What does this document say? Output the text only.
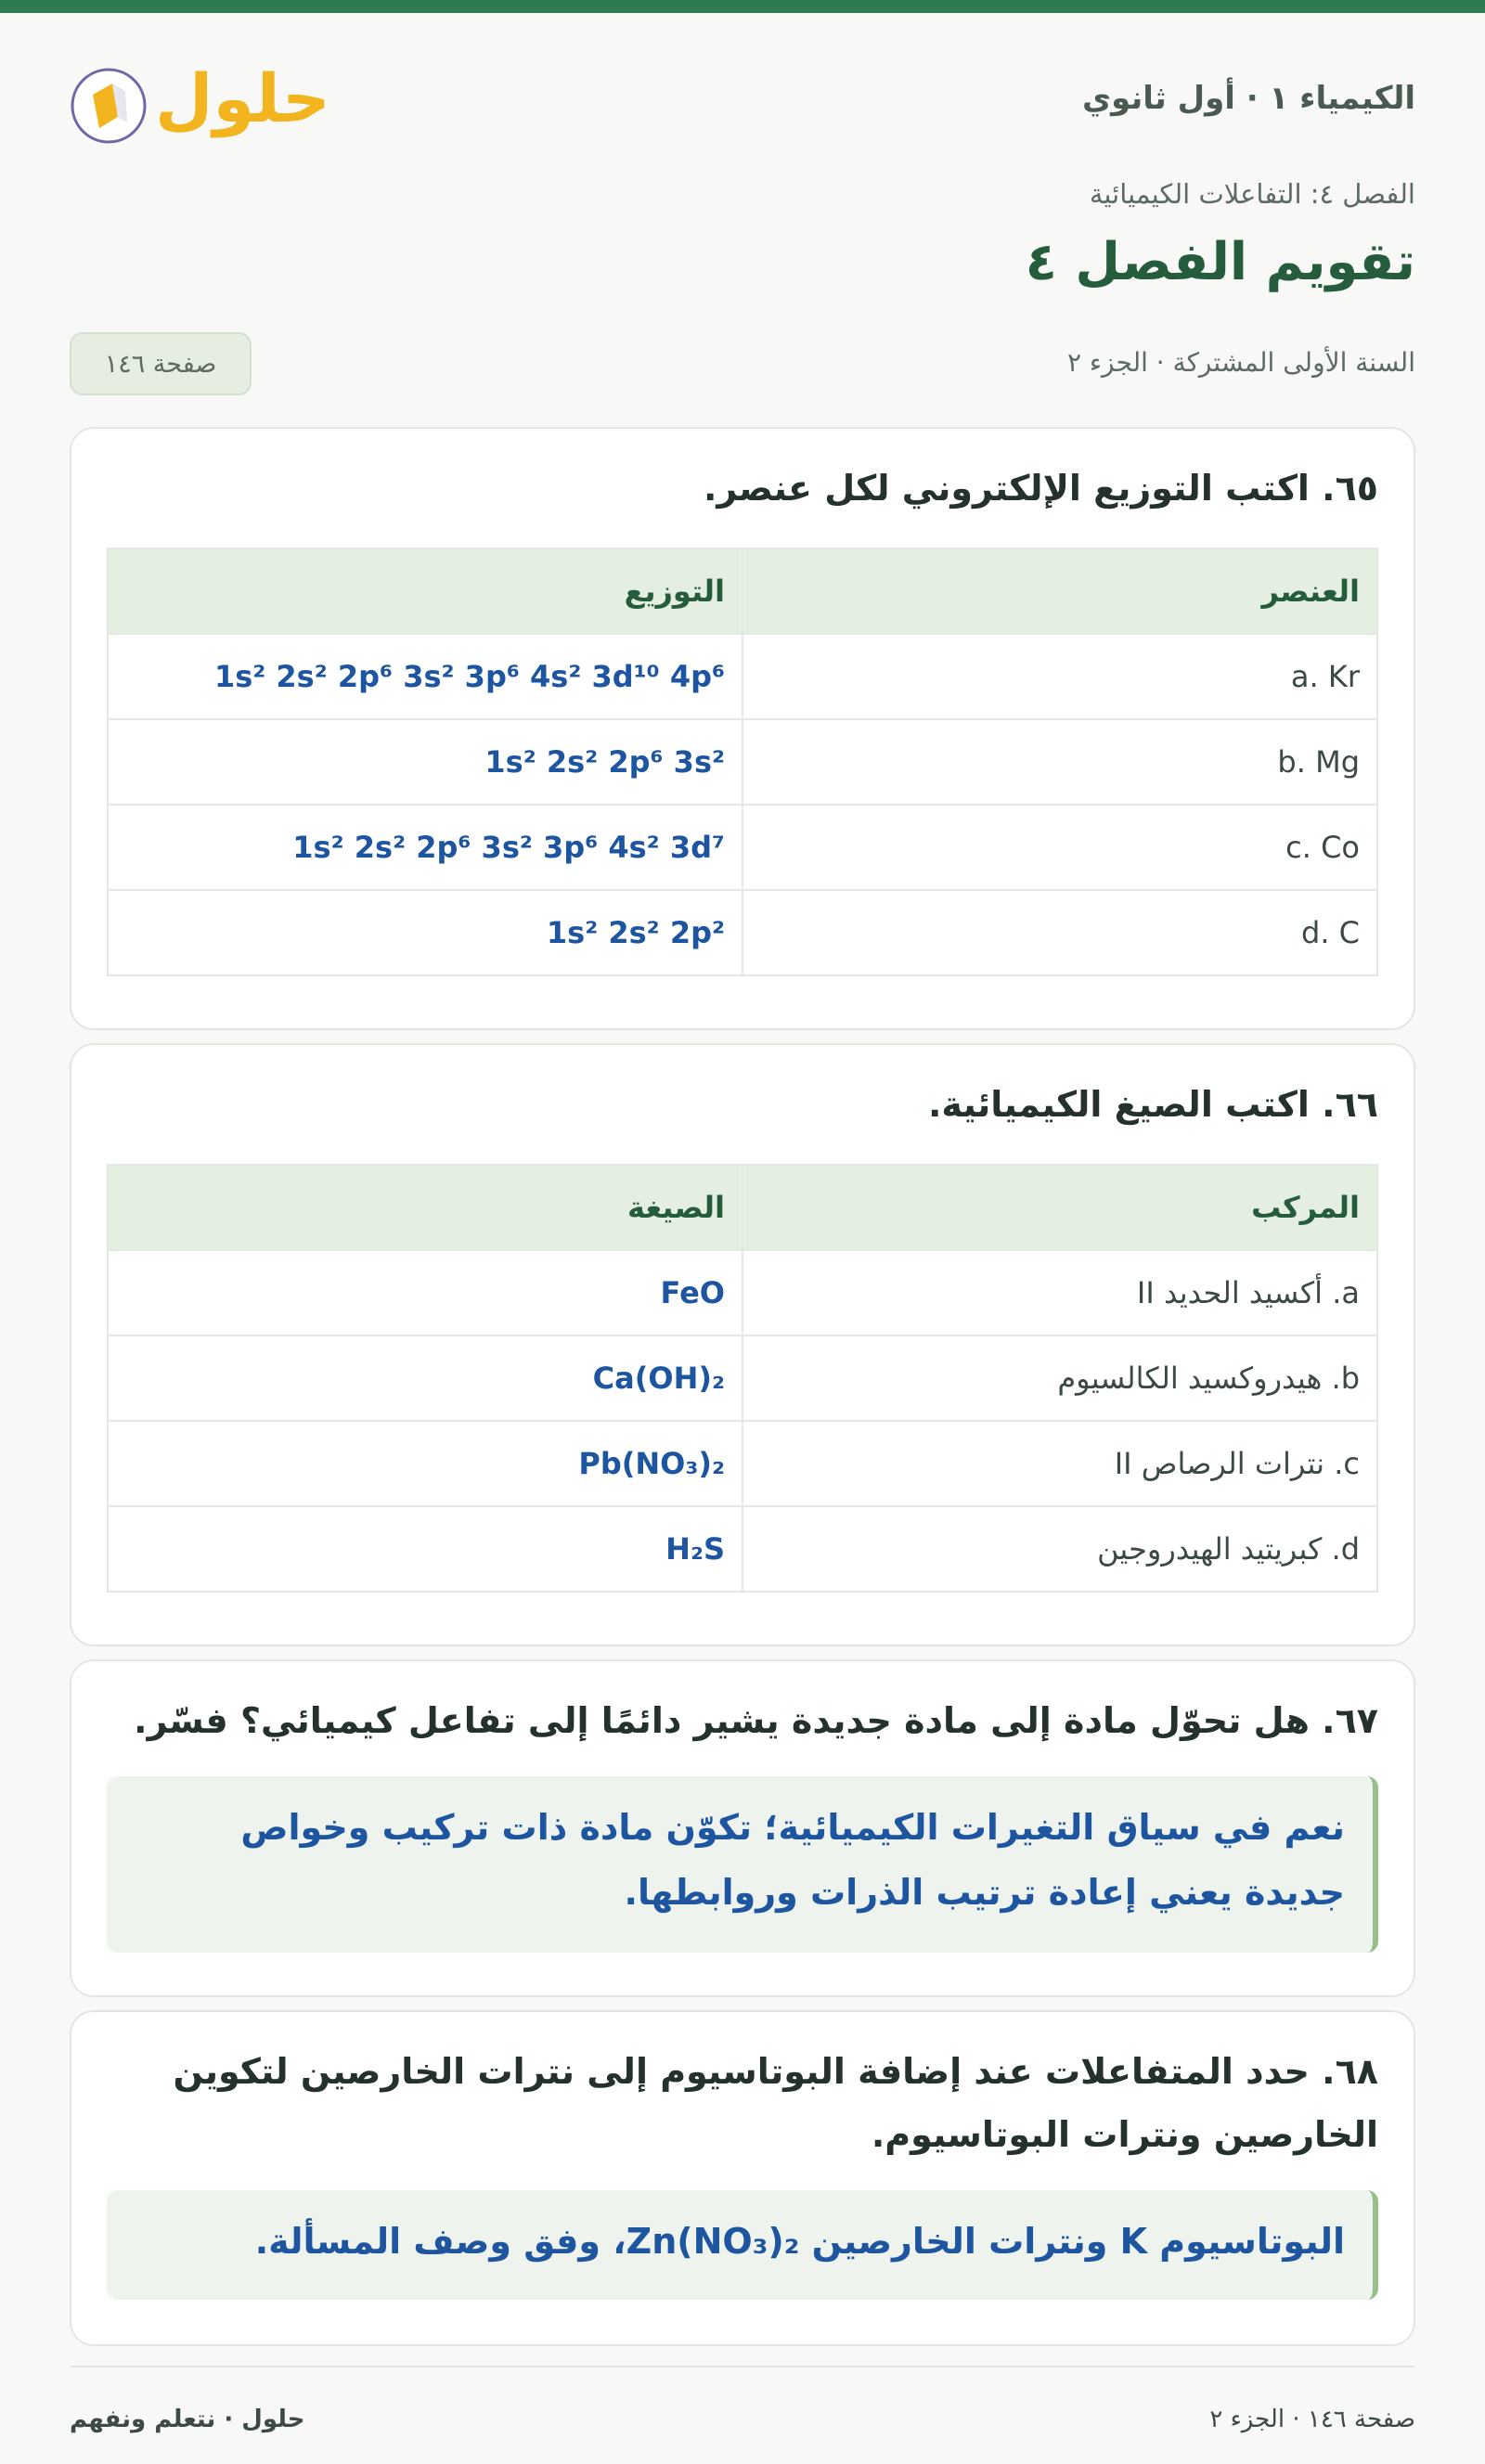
الكيمياء ١ · أول ثانوي
حلول

الفصل ٤: التفاعلات الكيميائية

تقويم الفصل ٤

السنة الأولى المشتركة · الجزء ٢

صفحة ١٤٦

٦٥. اكتب التوزيع الإلكتروني لكل عنصر.

العنصر	التوزيع
a. Kr	1s² 2s² 2p⁶ 3s² 3p⁶ 4s² 3d¹⁰ 4p⁶
b. Mg	1s² 2s² 2p⁶ 3s²
c. Co	1s² 2s² 2p⁶ 3s² 3p⁶ 4s² 3d⁷
d. C	1s² 2s² 2p²

٦٦. اكتب الصيغ الكيميائية.

المركب	الصيغة
a. أكسيد الحديد II	FeO
b. هيدروكسيد الكالسيوم	Ca(OH)₂
c. نترات الرصاص II	Pb(NO₃)₂
d. كبريتيد الهيدروجين	H₂S

٦٧. هل تحوّل مادة إلى مادة جديدة يشير دائمًا إلى تفاعل كيميائي؟ فسّر.

نعم في سياق التغيرات الكيميائية؛ تكوّن مادة ذات تركيب وخواص جديدة يعني إعادة ترتيب الذرات وروابطها.

٦٨. حدد المتفاعلات عند إضافة البوتاسيوم إلى نترات الخارصين لتكوين الخارصين ونترات البوتاسيوم.

البوتاسيوم K ونترات الخارصين Zn(NO₃)₂، وفق وصف المسألة.
صفحة ١٤٦ · الجزء ٢
حلول · نتعلم ونفهم
